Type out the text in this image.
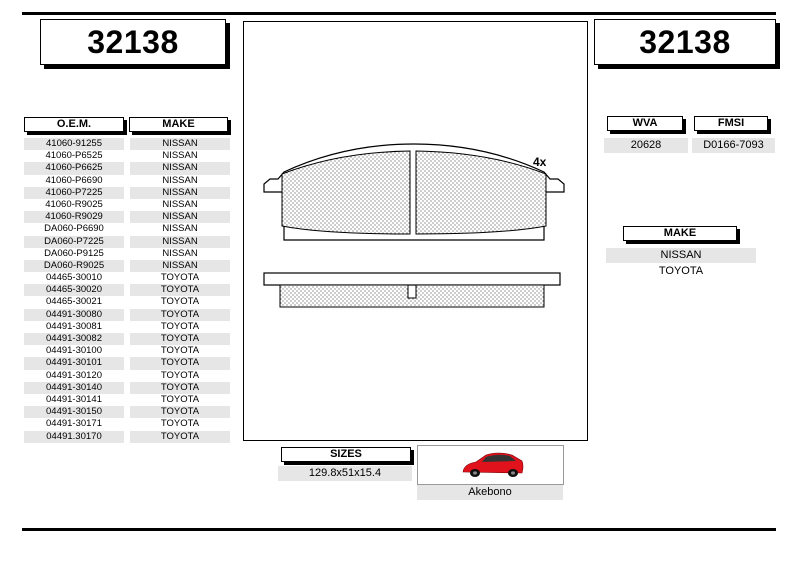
32138	32138
O.E.M.	MAKE
41060-91255	NISSAN
41060-P6525	NISSAN
41060-P6625	NISSAN
41060-P6690	NISSAN
41060-P7225	NISSAN
41060-R9025	NISSAN
41060-R9029	NISSAN
DA060-P6690	NISSAN
DA060-P7225	NISSAN
DA060-P9125	NISSAN
DA060-R9025	NISSAN
04465-30010	TOYOTA
04465-30020	TOYOTA
04465-30021	TOYOTA
04491-30080	TOYOTA
04491-30081	TOYOTA
04491-30082	TOYOTA
04491-30100	TOYOTA
04491-30101	TOYOTA
04491-30120	TOYOTA
04491-30140	TOYOTA
04491-30141	TOYOTA
04491-30150	TOYOTA
04491-30171	TOYOTA
04491.30170	TOYOTA
WVA
20628
FMSI
D0166-7093
MAKE
NISSAN
TOYOTA
4x
SIZES
129.8x51x15.4
Akebono
